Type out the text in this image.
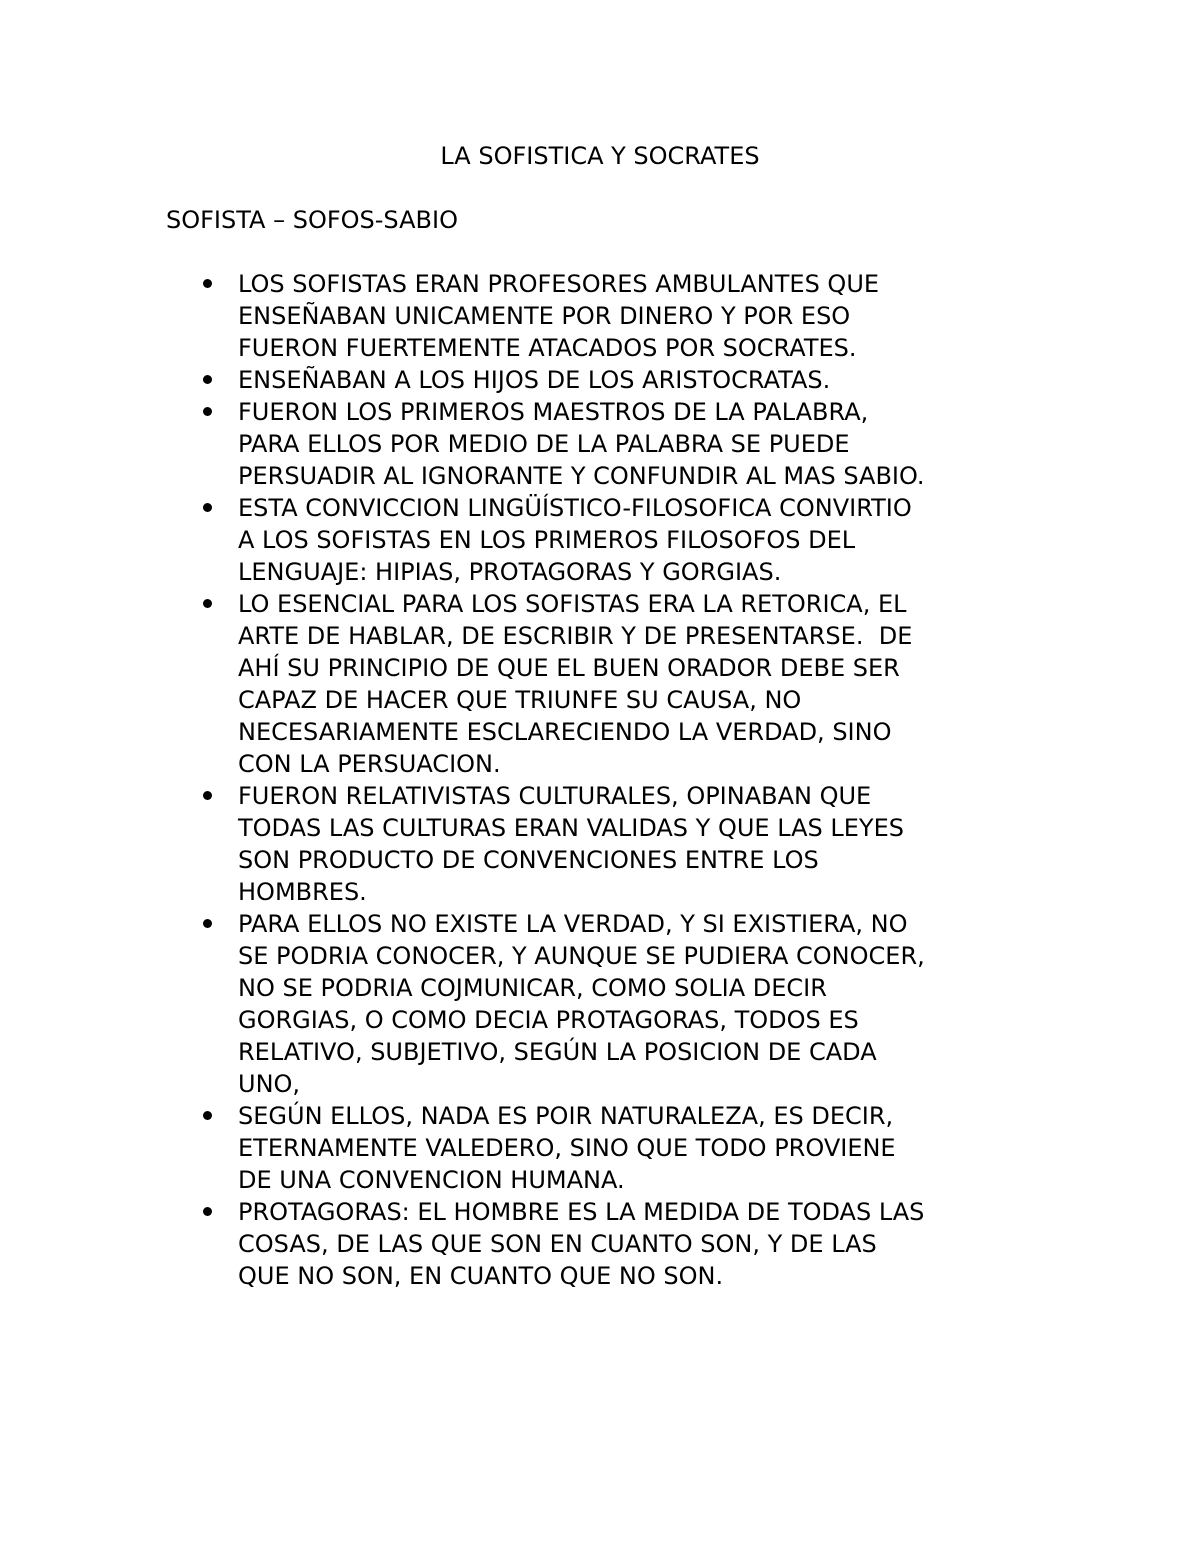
LA SOFISTICA Y SOCRATES
SOFISTA – SOFOS-SABIO
LOS SOFISTAS ERAN PROFESORES AMBULANTES QUE
ENSEÑABAN UNICAMENTE POR DINERO Y POR ESO
FUERON FUERTEMENTE ATACADOS POR SOCRATES.
ENSEÑABAN A LOS HIJOS DE LOS ARISTOCRATAS.
FUERON LOS PRIMEROS MAESTROS DE LA PALABRA,
PARA ELLOS POR MEDIO DE LA PALABRA SE PUEDE
PERSUADIR AL IGNORANTE Y CONFUNDIR AL MAS SABIO.
ESTA CONVICCION LINGÜÍSTICO-FILOSOFICA CONVIRTIO
A LOS SOFISTAS EN LOS PRIMEROS FILOSOFOS DEL
LENGUAJE: HIPIAS, PROTAGORAS Y GORGIAS.
LO ESENCIAL PARA LOS SOFISTAS ERA LA RETORICA, EL
ARTE DE HABLAR, DE ESCRIBIR Y DE PRESENTARSE.  DE
AHÍ SU PRINCIPIO DE QUE EL BUEN ORADOR DEBE SER
CAPAZ DE HACER QUE TRIUNFE SU CAUSA, NO
NECESARIAMENTE ESCLARECIENDO LA VERDAD, SINO
CON LA PERSUACION.
FUERON RELATIVISTAS CULTURALES, OPINABAN QUE
TODAS LAS CULTURAS ERAN VALIDAS Y QUE LAS LEYES
SON PRODUCTO DE CONVENCIONES ENTRE LOS
HOMBRES.
PARA ELLOS NO EXISTE LA VERDAD, Y SI EXISTIERA, NO
SE PODRIA CONOCER, Y AUNQUE SE PUDIERA CONOCER,
NO SE PODRIA COJMUNICAR, COMO SOLIA DECIR
GORGIAS, O COMO DECIA PROTAGORAS, TODOS ES
RELATIVO, SUBJETIVO, SEGÚN LA POSICION DE CADA
UNO,
SEGÚN ELLOS, NADA ES POIR NATURALEZA, ES DECIR,
ETERNAMENTE VALEDERO, SINO QUE TODO PROVIENE
DE UNA CONVENCION HUMANA.
PROTAGORAS: EL HOMBRE ES LA MEDIDA DE TODAS LAS
COSAS, DE LAS QUE SON EN CUANTO SON, Y DE LAS
QUE NO SON, EN CUANTO QUE NO SON.
